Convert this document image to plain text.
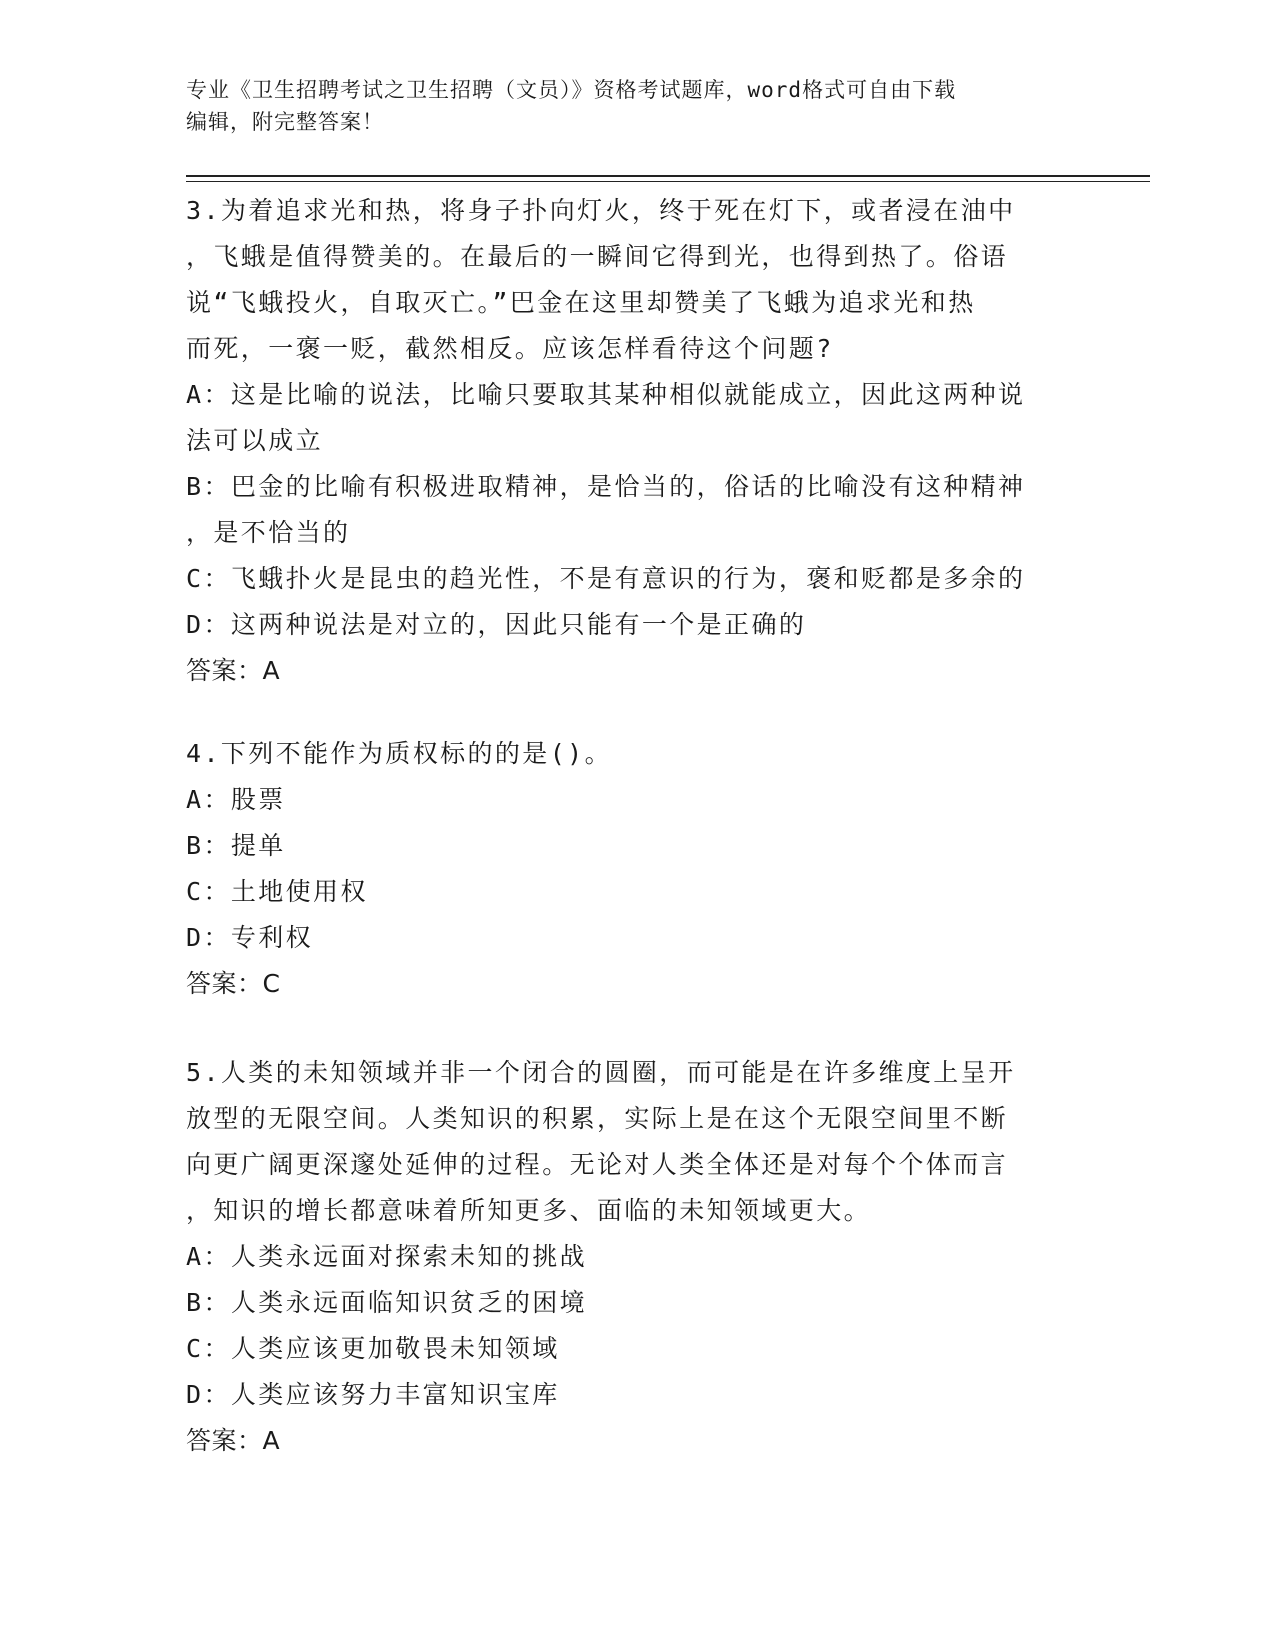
专业《卫生招聘考试之卫生招聘（文员）》资格考试题库，word格式可自由下载
编辑，附完整答案！
3.为着追求光和热，将身子扑向灯火，终于死在灯下，或者浸在油中
，飞蛾是值得赞美的。在最后的一瞬间它得到光，也得到热了。俗语
说“飞蛾投火，自取灭亡。”巴金在这里却赞美了飞蛾为追求光和热
而死，一褒一贬，截然相反。应该怎样看待这个问题?
A：这是比喻的说法，比喻只要取其某种相似就能成立，因此这两种说
法可以成立
B：巴金的比喻有积极进取精神，是恰当的，俗话的比喻没有这种精神
，是不恰当的
C：飞蛾扑火是昆虫的趋光性，不是有意识的行为，褒和贬都是多余的
D：这两种说法是对立的，因此只能有一个是正确的
答案：A
4.下列不能作为质权标的的是()。
A：股票
B：提单
C：土地使用权
D：专利权
答案：C
5.人类的未知领域并非一个闭合的圆圈，而可能是在许多维度上呈开
放型的无限空间。人类知识的积累，实际上是在这个无限空间里不断
向更广阔更深邃处延伸的过程。无论对人类全体还是对每个个体而言
，知识的增长都意味着所知更多、面临的未知领域更大。
A：人类永远面对探索未知的挑战
B：人类永远面临知识贫乏的困境
C：人类应该更加敬畏未知领域
D：人类应该努力丰富知识宝库
答案：A
